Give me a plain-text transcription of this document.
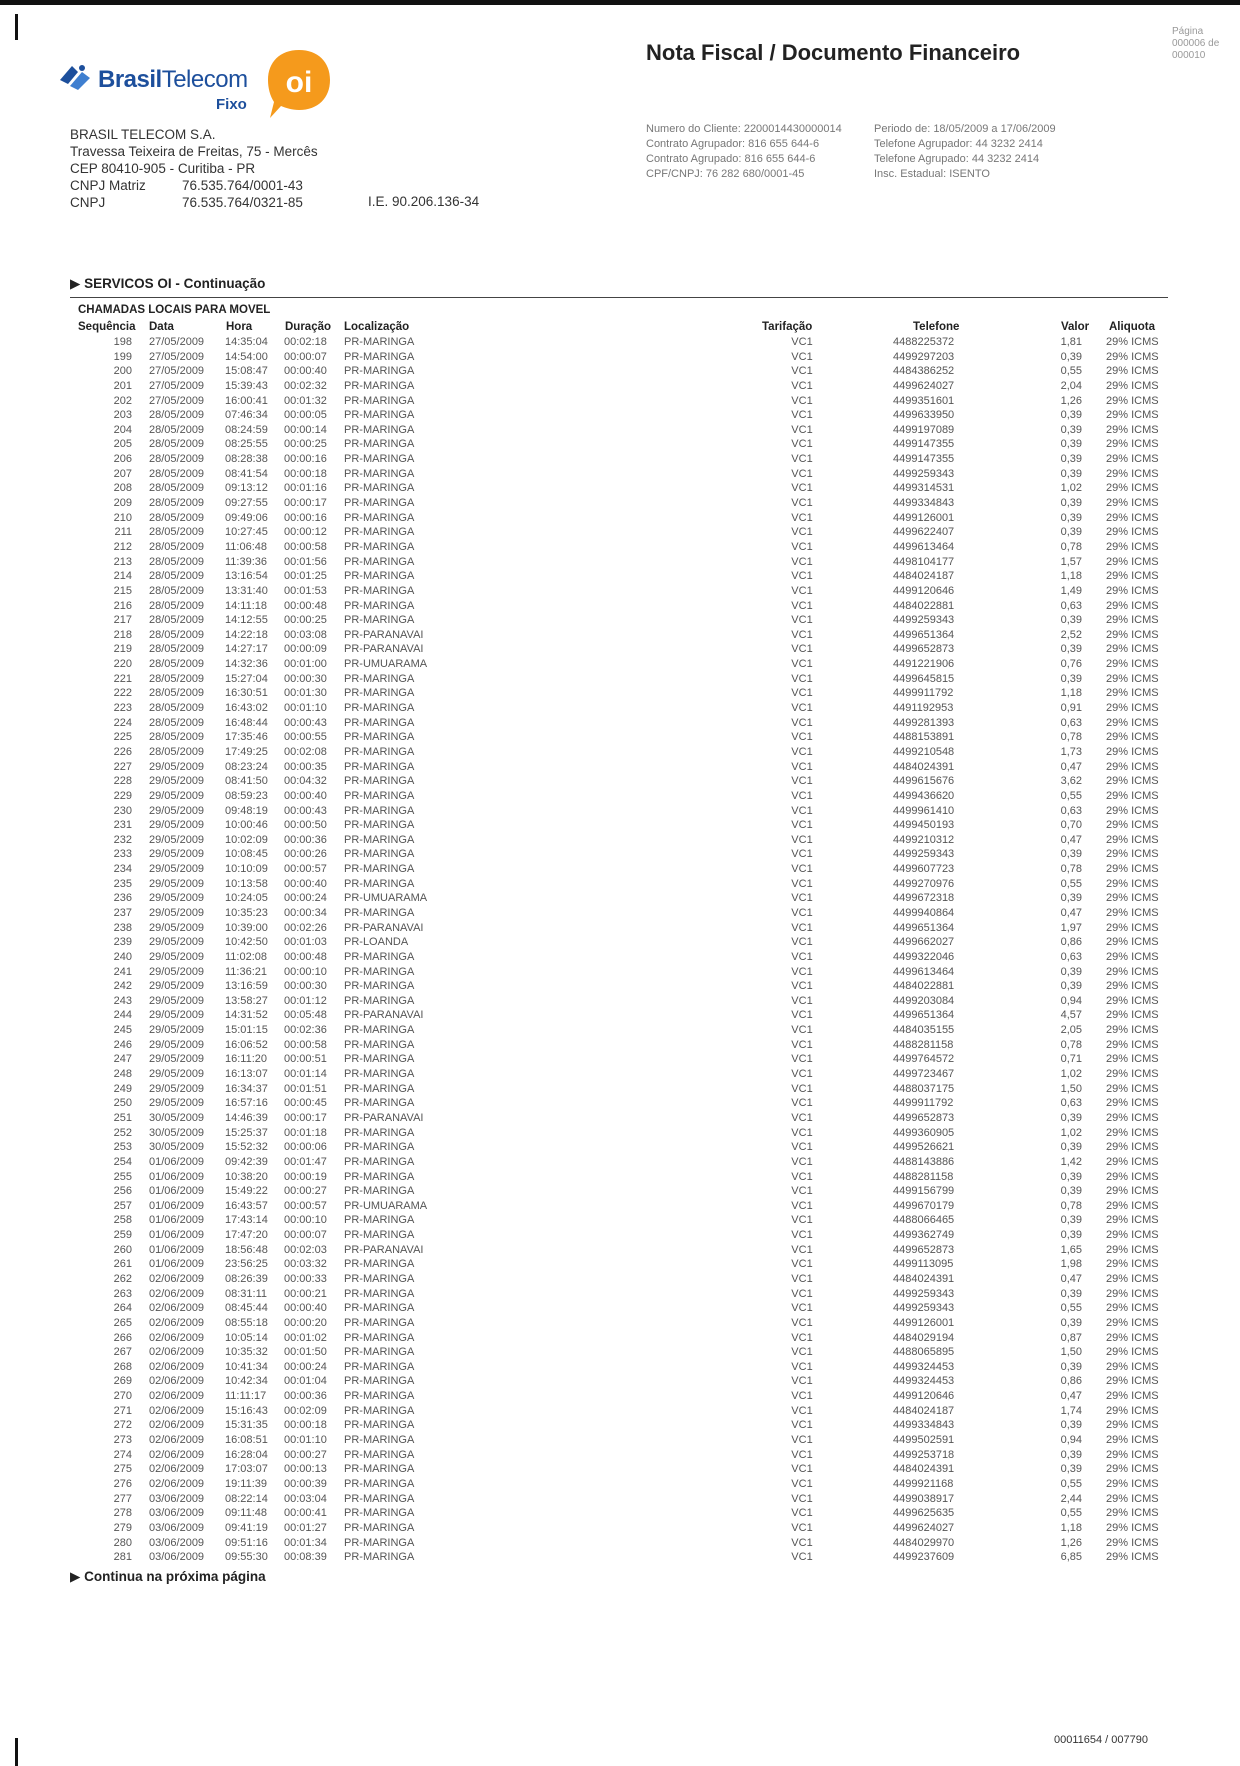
BrasilTelecom
Fixo
oi
BRASIL TELECOM S.A.
Travessa Teixeira de Freitas, 75 - Mercês
CEP 80410-905 - Curitiba - PR
CNPJ Matriz	76.535.764/0001-43
CNPJ	76.535.764/0321-85	I.E. 90.206.136-34
Nota Fiscal / Documento Financeiro
Página
000006 de
000010
Numero do Cliente: 2200014430000014
Contrato Agrupador: 816 655 644-6
Contrato Agrupado: 816 655 644-6
CPF/CNPJ: 76 282 680/0001-45
Periodo de: 18/05/2009 a 17/06/2009
Telefone Agrupador: 44 3232 2414
Telefone Agrupado: 44 3232 2414
Insc. Estadual: ISENTO
▶ SERVICOS OI - Continuação
CHAMADAS LOCAIS PARA MOVEL
Sequência Data	Hora	Duração Localização	Tarifação	Telefone	Valor Aliquota
198 27/05/2009 14:35:04 00:02:18 PR-MARINGA	VC1	4488225372	1,81 29% ICMS
199 27/05/2009 14:54:00 00:00:07 PR-MARINGA	VC1	4499297203	0,39 29% ICMS
200 27/05/2009 15:08:47 00:00:40 PR-MARINGA	VC1	4484386252	0,55 29% ICMS
201 27/05/2009 15:39:43 00:02:32 PR-MARINGA	VC1	4499624027	2,04 29% ICMS
202 27/05/2009 16:00:41 00:01:32 PR-MARINGA	VC1	4499351601	1,26 29% ICMS
203 28/05/2009 07:46:34 00:00:05 PR-MARINGA	VC1	4499633950	0,39 29% ICMS
204 28/05/2009 08:24:59 00:00:14 PR-MARINGA	VC1	4499197089	0,39 29% ICMS
205 28/05/2009 08:25:55 00:00:25 PR-MARINGA	VC1	4499147355	0,39 29% ICMS
206 28/05/2009 08:28:38 00:00:16 PR-MARINGA	VC1	4499147355	0,39 29% ICMS
207 28/05/2009 08:41:54 00:00:18 PR-MARINGA	VC1	4499259343	0,39 29% ICMS
208 28/05/2009 09:13:12 00:01:16 PR-MARINGA	VC1	4499314531	1,02 29% ICMS
209 28/05/2009 09:27:55 00:00:17 PR-MARINGA	VC1	4499334843	0,39 29% ICMS
210 28/05/2009 09:49:06 00:00:16 PR-MARINGA	VC1	4499126001	0,39 29% ICMS
211 28/05/2009 10:27:45 00:00:12 PR-MARINGA	VC1	4499622407	0,39 29% ICMS
212 28/05/2009 11:06:48 00:00:58 PR-MARINGA	VC1	4499613464	0,78 29% ICMS
213 28/05/2009 11:39:36 00:01:56 PR-MARINGA	VC1	4498104177	1,57 29% ICMS
214 28/05/2009 13:16:54 00:01:25 PR-MARINGA	VC1	4484024187	1,18 29% ICMS
215 28/05/2009 13:31:40 00:01:53 PR-MARINGA	VC1	4499120646	1,49 29% ICMS
216 28/05/2009 14:11:18 00:00:48 PR-MARINGA	VC1	4484022881	0,63 29% ICMS
217 28/05/2009 14:12:55 00:00:25 PR-MARINGA	VC1	4499259343	0,39 29% ICMS
218 28/05/2009 14:22:18 00:03:08 PR-PARANAVAI	VC1	4499651364	2,52 29% ICMS
219 28/05/2009 14:27:17 00:00:09 PR-PARANAVAI	VC1	4499652873	0,39 29% ICMS
220 28/05/2009 14:32:36 00:01:00 PR-UMUARAMA	VC1	4491221906	0,76 29% ICMS
221 28/05/2009 15:27:04 00:00:30 PR-MARINGA	VC1	4499645815	0,39 29% ICMS
222 28/05/2009 16:30:51 00:01:30 PR-MARINGA	VC1	4499911792	1,18 29% ICMS
223 28/05/2009 16:43:02 00:01:10 PR-MARINGA	VC1	4491192953	0,91 29% ICMS
224 28/05/2009 16:48:44 00:00:43 PR-MARINGA	VC1	4499281393	0,63 29% ICMS
225 28/05/2009 17:35:46 00:00:55 PR-MARINGA	VC1	4488153891	0,78 29% ICMS
226 28/05/2009 17:49:25 00:02:08 PR-MARINGA	VC1	4499210548	1,73 29% ICMS
227 29/05/2009 08:23:24 00:00:35 PR-MARINGA	VC1	4484024391	0,47 29% ICMS
228 29/05/2009 08:41:50 00:04:32 PR-MARINGA	VC1	4499615676	3,62 29% ICMS
229 29/05/2009 08:59:23 00:00:40 PR-MARINGA	VC1	4499436620	0,55 29% ICMS
230 29/05/2009 09:48:19 00:00:43 PR-MARINGA	VC1	4499961410	0,63 29% ICMS
231 29/05/2009 10:00:46 00:00:50 PR-MARINGA	VC1	4499450193	0,70 29% ICMS
232 29/05/2009 10:02:09 00:00:36 PR-MARINGA	VC1	4499210312	0,47 29% ICMS
233 29/05/2009 10:08:45 00:00:26 PR-MARINGA	VC1	4499259343	0,39 29% ICMS
234 29/05/2009 10:10:09 00:00:57 PR-MARINGA	VC1	4499607723	0,78 29% ICMS
235 29/05/2009 10:13:58 00:00:40 PR-MARINGA	VC1	4499270976	0,55 29% ICMS
236 29/05/2009 10:24:05 00:00:24 PR-UMUARAMA	VC1	4499672318	0,39 29% ICMS
237 29/05/2009 10:35:23 00:00:34 PR-MARINGA	VC1	4499940864	0,47 29% ICMS
238 29/05/2009 10:39:00 00:02:26 PR-PARANAVAI	VC1	4499651364	1,97 29% ICMS
239 29/05/2009 10:42:50 00:01:03 PR-LOANDA	VC1	4499662027	0,86 29% ICMS
240 29/05/2009 11:02:08 00:00:48 PR-MARINGA	VC1	4499322046	0,63 29% ICMS
241 29/05/2009 11:36:21 00:00:10 PR-MARINGA	VC1	4499613464	0,39 29% ICMS
242 29/05/2009 13:16:59 00:00:30 PR-MARINGA	VC1	4484022881	0,39 29% ICMS
243 29/05/2009 13:58:27 00:01:12 PR-MARINGA	VC1	4499203084	0,94 29% ICMS
244 29/05/2009 14:31:52 00:05:48 PR-PARANAVAI	VC1	4499651364	4,57 29% ICMS
245 29/05/2009 15:01:15 00:02:36 PR-MARINGA	VC1	4484035155	2,05 29% ICMS
246 29/05/2009 16:06:52 00:00:58 PR-MARINGA	VC1	4488281158	0,78 29% ICMS
247 29/05/2009 16:11:20 00:00:51 PR-MARINGA	VC1	4499764572	0,71 29% ICMS
248 29/05/2009 16:13:07 00:01:14 PR-MARINGA	VC1	4499723467	1,02 29% ICMS
249 29/05/2009 16:34:37 00:01:51 PR-MARINGA	VC1	4488037175	1,50 29% ICMS
250 29/05/2009 16:57:16 00:00:45 PR-MARINGA	VC1	4499911792	0,63 29% ICMS
251 30/05/2009 14:46:39 00:00:17 PR-PARANAVAI	VC1	4499652873	0,39 29% ICMS
252 30/05/2009 15:25:37 00:01:18 PR-MARINGA	VC1	4499360905	1,02 29% ICMS
253 30/05/2009 15:52:32 00:00:06 PR-MARINGA	VC1	4499526621	0,39 29% ICMS
254 01/06/2009 09:42:39 00:01:47 PR-MARINGA	VC1	4488143886	1,42 29% ICMS
255 01/06/2009 10:38:20 00:00:19 PR-MARINGA	VC1	4488281158	0,39 29% ICMS
256 01/06/2009 15:49:22 00:00:27 PR-MARINGA	VC1	4499156799	0,39 29% ICMS
257 01/06/2009 16:43:57 00:00:57 PR-UMUARAMA	VC1	4499670179	0,78 29% ICMS
258 01/06/2009 17:43:14 00:00:10 PR-MARINGA	VC1	4488066465	0,39 29% ICMS
259 01/06/2009 17:47:20 00:00:07 PR-MARINGA	VC1	4499362749	0,39 29% ICMS
260 01/06/2009 18:56:48 00:02:03 PR-PARANAVAI	VC1	4499652873	1,65 29% ICMS
261 01/06/2009 23:56:25 00:03:32 PR-MARINGA	VC1	4499113095	1,98 29% ICMS
262 02/06/2009 08:26:39 00:00:33 PR-MARINGA	VC1	4484024391	0,47 29% ICMS
263 02/06/2009 08:31:11 00:00:21 PR-MARINGA	VC1	4499259343	0,39 29% ICMS
264 02/06/2009 08:45:44 00:00:40 PR-MARINGA	VC1	4499259343	0,55 29% ICMS
265 02/06/2009 08:55:18 00:00:20 PR-MARINGA	VC1	4499126001	0,39 29% ICMS
266 02/06/2009 10:05:14 00:01:02 PR-MARINGA	VC1	4484029194	0,87 29% ICMS
267 02/06/2009 10:35:32 00:01:50 PR-MARINGA	VC1	4488065895	1,50 29% ICMS
268 02/06/2009 10:41:34 00:00:24 PR-MARINGA	VC1	4499324453	0,39 29% ICMS
269 02/06/2009 10:42:34 00:01:04 PR-MARINGA	VC1	4499324453	0,86 29% ICMS
270 02/06/2009 11:11:17 00:00:36 PR-MARINGA	VC1	4499120646	0,47 29% ICMS
271 02/06/2009 15:16:43 00:02:09 PR-MARINGA	VC1	4484024187	1,74 29% ICMS
272 02/06/2009 15:31:35 00:00:18 PR-MARINGA	VC1	4499334843	0,39 29% ICMS
273 02/06/2009 16:08:51 00:01:10 PR-MARINGA	VC1	4499502591	0,94 29% ICMS
274 02/06/2009 16:28:04 00:00:27 PR-MARINGA	VC1	4499253718	0,39 29% ICMS
275 02/06/2009 17:03:07 00:00:13 PR-MARINGA	VC1	4484024391	0,39 29% ICMS
276 02/06/2009 19:11:39 00:00:39 PR-MARINGA	VC1	4499921168	0,55 29% ICMS
277 03/06/2009 08:22:14 00:03:04 PR-MARINGA	VC1	4499038917	2,44 29% ICMS
278 03/06/2009 09:11:48 00:00:41 PR-MARINGA	VC1	4499625635	0,55 29% ICMS
279 03/06/2009 09:41:19 00:01:27 PR-MARINGA	VC1	4499624027	1,18 29% ICMS
280 03/06/2009 09:51:16 00:01:34 PR-MARINGA	VC1	4484029970	1,26 29% ICMS
281 03/06/2009 09:55:30 00:08:39 PR-MARINGA	VC1	4499237609	6,85 29% ICMS
▶ Continua na próxima página
00011654 / 007790
